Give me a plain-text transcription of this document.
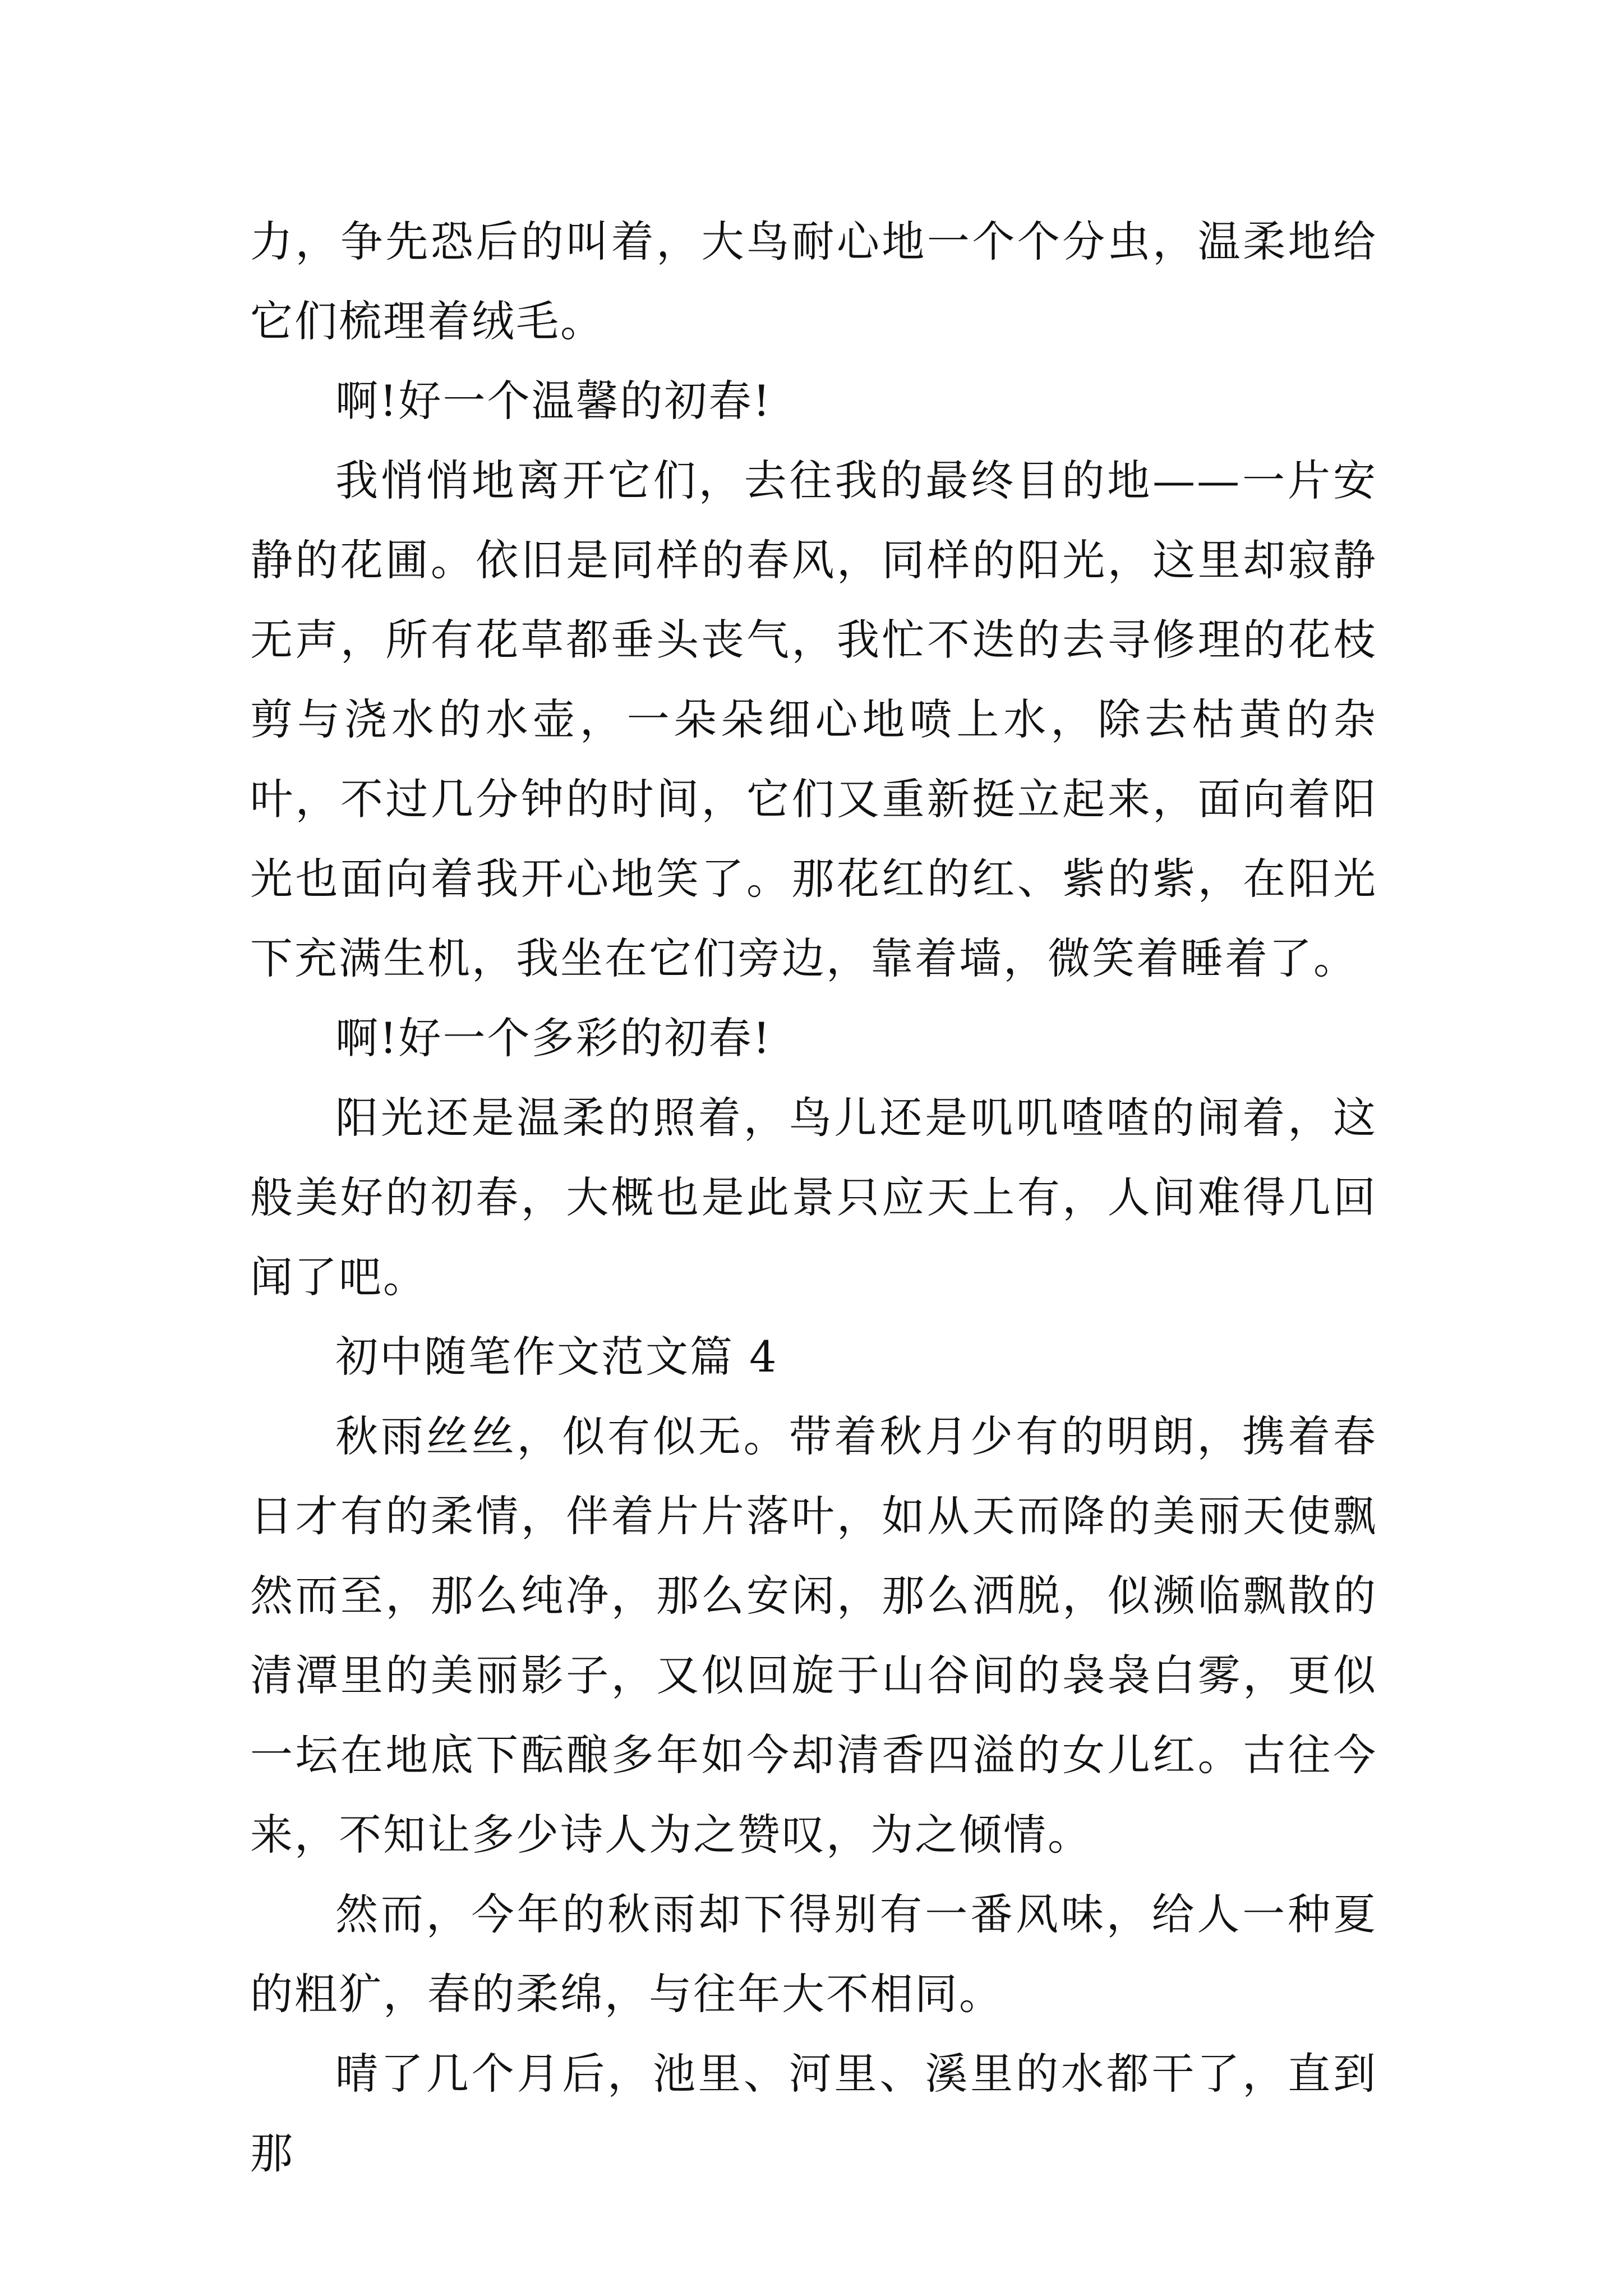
力，争先恐后的叫着，大鸟耐心地一个个分虫，温柔地给它们梳理着绒毛。

啊!好一个温馨的初春!

我悄悄地离开它们，去往我的最终目的地——一片安静的花圃。依旧是同样的春风，同样的阳光，这里却寂静无声，所有花草都垂头丧气，我忙不迭的去寻修理的花枝剪与浇水的水壶，一朵朵细心地喷上水，除去枯黄的杂叶，不过几分钟的时间，它们又重新挺立起来，面向着阳光也面向着我开心地笑了。那花红的红、紫的紫，在阳光下充满生机，我坐在它们旁边，靠着墙，微笑着睡着了。

啊!好一个多彩的初春!

阳光还是温柔的照着，鸟儿还是叽叽喳喳的闹着，这般美好的初春，大概也是此景只应天上有，人间难得几回闻了吧。

初中随笔作文范文篇 4

秋雨丝丝，似有似无。带着秋月少有的明朗，携着春日才有的柔情，伴着片片落叶，如从天而降的美丽天使飘然而至，那么纯净，那么安闲，那么洒脱，似濒临飘散的清潭里的美丽影子，又似回旋于山谷间的袅袅白雾，更似一坛在地底下酝酿多年如今却清香四溢的女儿红。古往今来，不知让多少诗人为之赞叹，为之倾情。

然而，今年的秋雨却下得别有一番风味，给人一种夏的粗犷，春的柔绵，与往年大不相同。

晴了几个月后，池里、河里、溪里的水都干了，直到那
